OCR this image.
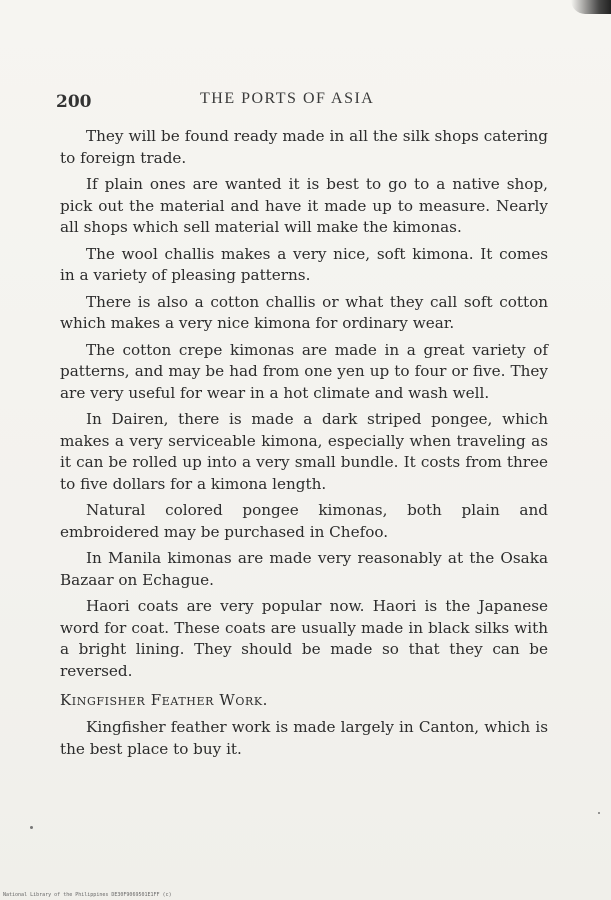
200	THE PORTS OF ASIA

They will be found ready made in all the silk shops catering to foreign trade.

If plain ones are wanted it is best to go to a native shop, pick out the material and have it made up to measure. Nearly all shops which sell material will make the kimonas.

The wool challis makes a very nice, soft kimona. It comes in a variety of pleasing patterns.

There is also a cotton challis or what they call soft cotton which makes a very nice kimona for ordinary wear.

The cotton crepe kimonas are made in a great variety of patterns, and may be had from one yen up to four or five. They are very useful for wear in a hot climate and wash well.

In Dairen, there is made a dark striped pongee, which makes a very serviceable kimona, especially when traveling as it can be rolled up into a very small bundle. It costs from three to five dollars for a kimona length.

Natural colored pongee kimonas, both plain and embroidered may be purchased in Chefoo.

In Manila kimonas are made very reasonably at the Osaka Bazaar on Echague.

Haori coats are very popular now. Haori is the Japanese word for coat. These coats are usually made in black silks with a bright lining. They should be made so that they can be reversed.

Kingfisher Feather Work.

Kingfisher feather work is made largely in Canton, which is the best place to buy it.

National Library of the Philippines DE30F9069501E1FF (c)
